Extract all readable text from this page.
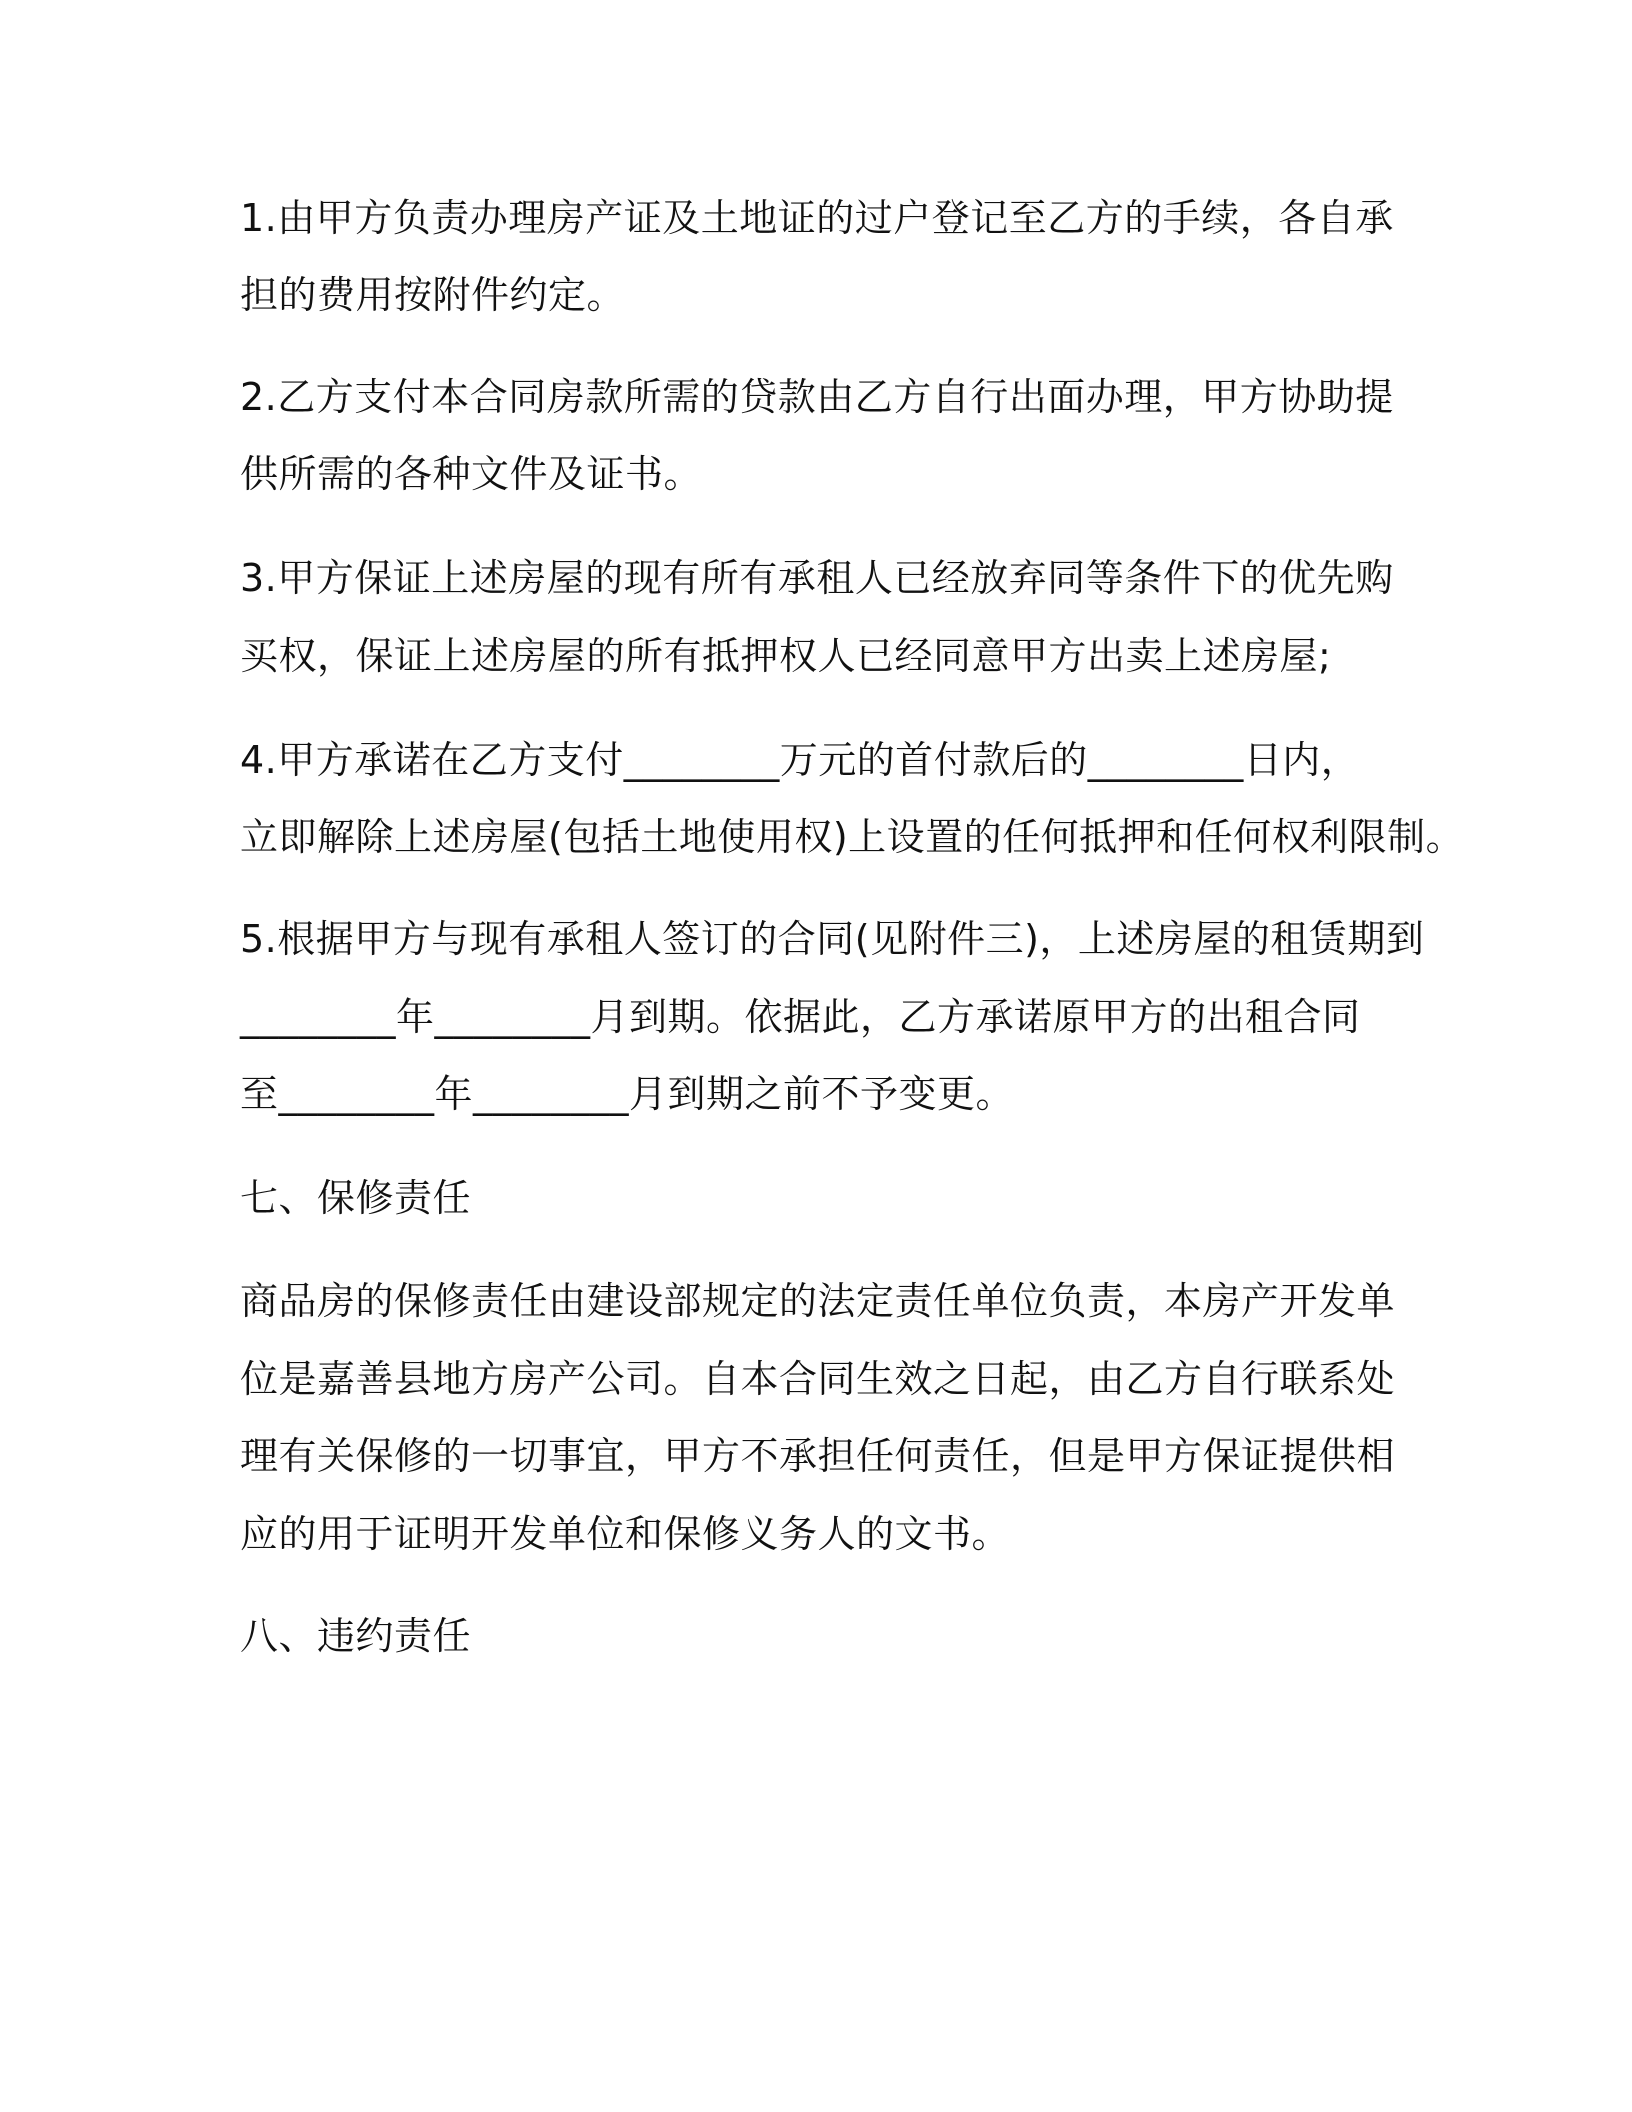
1.由甲方负责办理房产证及土地证的过户登记至乙方的手续，各自承
担的费用按附件约定。
2.乙方支付本合同房款所需的贷款由乙方自行出面办理，甲方协助提
供所需的各种文件及证书。
3.甲方保证上述房屋的现有所有承租人已经放弃同等条件下的优先购
买权，保证上述房屋的所有抵押权人已经同意甲方出卖上述房屋;
4.甲方承诺在乙方支付________万元的首付款后的________日内，
立即解除上述房屋(包括土地使用权)上设置的任何抵押和任何权利限制。
5.根据甲方与现有承租人签订的合同(见附件三)，上述房屋的租赁期到
________年________月到期。依据此，乙方承诺原甲方的出租合同
至________年________月到期之前不予变更。
七、保修责任
商品房的保修责任由建设部规定的法定责任单位负责，本房产开发单
位是嘉善县地方房产公司。自本合同生效之日起，由乙方自行联系处
理有关保修的一切事宜，甲方不承担任何责任，但是甲方保证提供相
应的用于证明开发单位和保修义务人的文书。
八、违约责任
